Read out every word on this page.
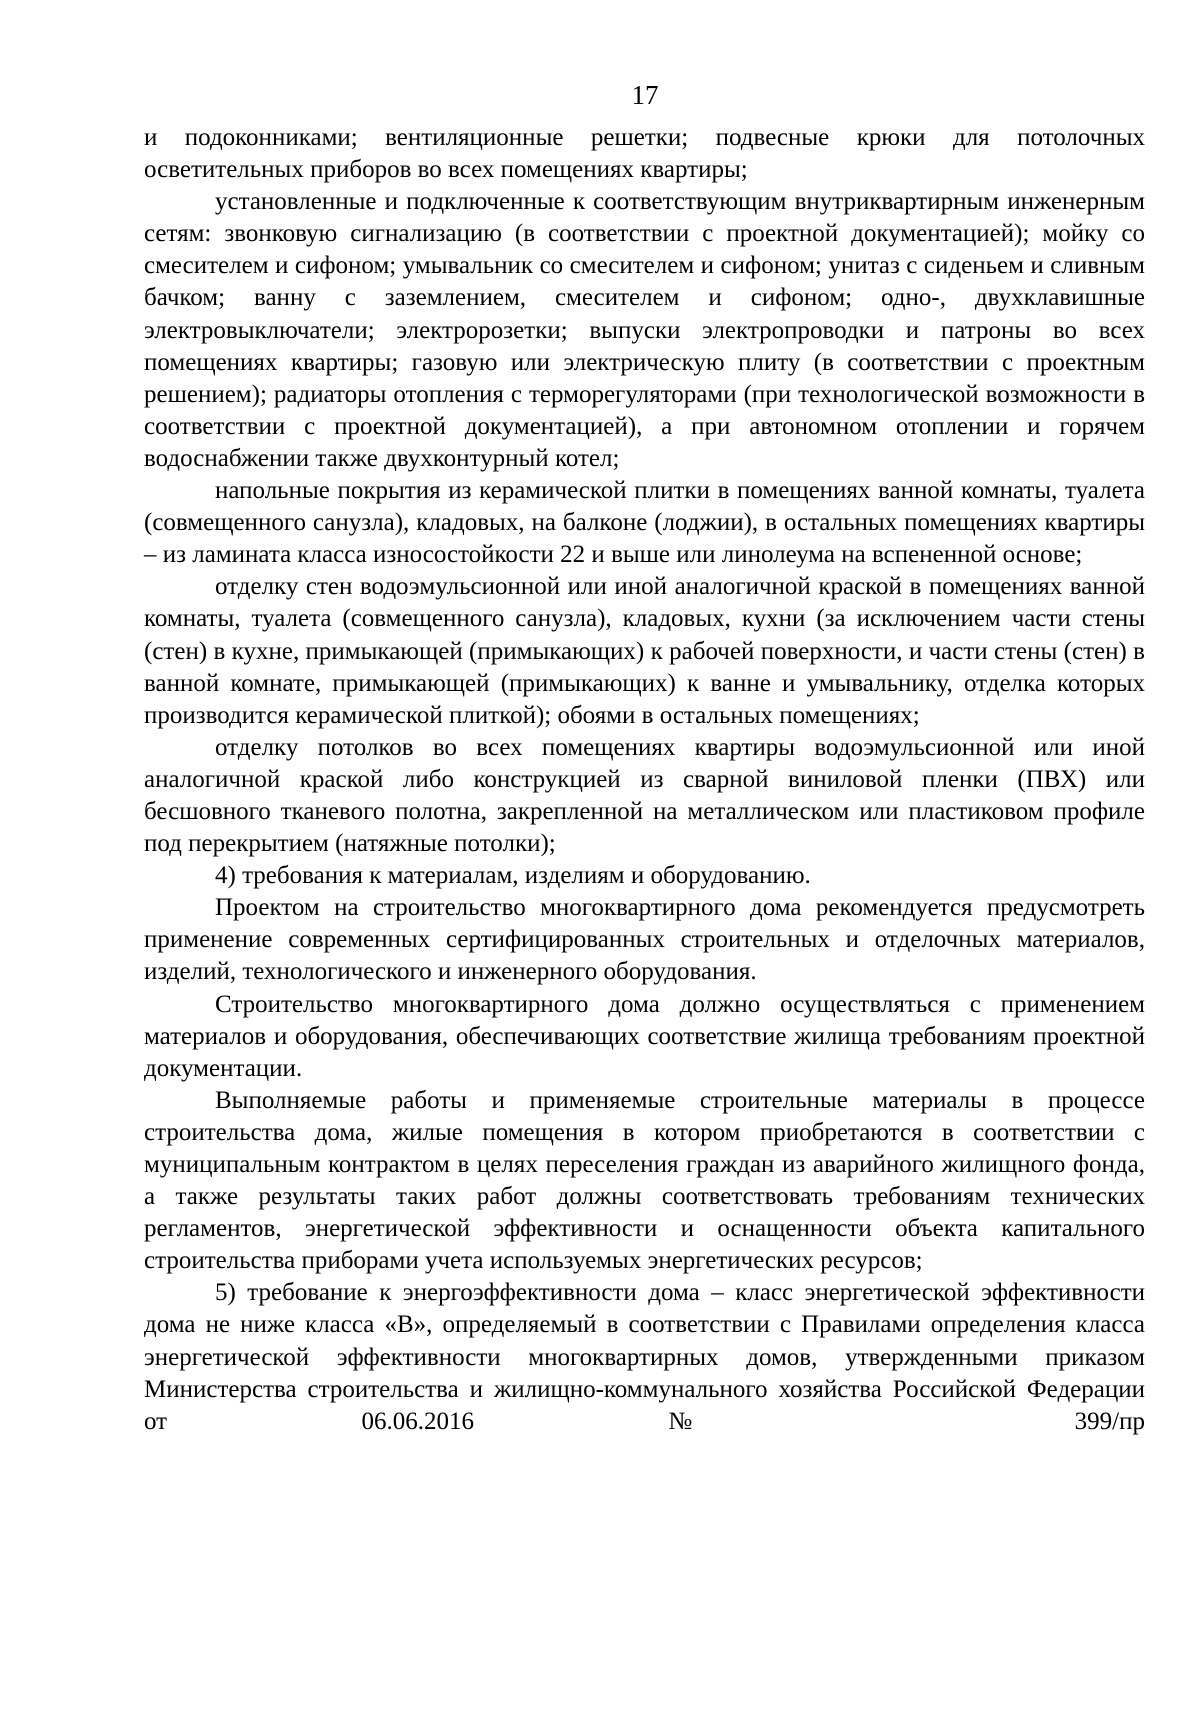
17

и подоконниками; вентиляционные решетки; подвесные крюки для потолочных осветительных приборов во всех помещениях квартиры;

установленные и подключенные к соответствующим внутриквартирным инженерным сетям: звонковую сигнализацию (в соответствии с проектной документацией); мойку со смесителем и сифоном; умывальник со смесителем и сифоном; унитаз с сиденьем и сливным бачком; ванну с заземлением, смесителем и сифоном; одно-, двухклавишные электровыключатели; электророзетки; выпуски электропроводки и патроны во всех помещениях квартиры; газовую или электрическую плиту (в соответствии с проектным решением); радиаторы отопления с терморегуляторами (при технологической возможности в соответствии с проектной документацией), а при автономном отоплении и горячем водоснабжении также двухконтурный котел;

напольные покрытия из керамической плитки в помещениях ванной комнаты, туалета (совмещенного санузла), кладовых, на балконе (лоджии), в остальных помещениях квартиры – из ламината класса износостойкости 22 и выше или линолеума на вспененной основе;

отделку стен водоэмульсионной или иной аналогичной краской в помещениях ванной комнаты, туалета (совмещенного санузла), кладовых, кухни (за исключением части стены (стен) в кухне, примыкающей (примыкающих) к рабочей поверхности, и части стены (стен) в ванной комнате, примыкающей (примыкающих) к ванне и умывальнику, отделка которых производится керамической плиткой); обоями в остальных помещениях;

отделку потолков во всех помещениях квартиры водоэмульсионной или иной аналогичной краской либо конструкцией из сварной виниловой пленки (ПВХ) или бесшовного тканевого полотна, закрепленной на металлическом или пластиковом профиле под перекрытием (натяжные потолки);

4) требования к материалам, изделиям и оборудованию.

Проектом на строительство многоквартирного дома рекомендуется предусмотреть применение современных сертифицированных строительных и отделочных материалов, изделий, технологического и инженерного оборудования.

Строительство многоквартирного дома должно осуществляться с применением материалов и оборудования, обеспечивающих соответствие жилища требованиям проектной документации.

Выполняемые работы и применяемые строительные материалы в процессе строительства дома, жилые помещения в котором приобретаются в соответствии с муниципальным контрактом в целях переселения граждан из аварийного жилищного фонда, а также результаты таких работ должны соответствовать требованиям технических регламентов, энергетической эффективности и оснащенности объекта капитального строительства приборами учета используемых энергетических ресурсов;

5) требование к энергоэффективности дома – класс энергетической эффективности дома не ниже класса «В», определяемый в соответствии с Правилами определения класса энергетической эффективности многоквартирных домов, утвержденными приказом Министерства строительства и жилищно-коммунального хозяйства Российской Федерации от 06.06.2016 № 399/пр
